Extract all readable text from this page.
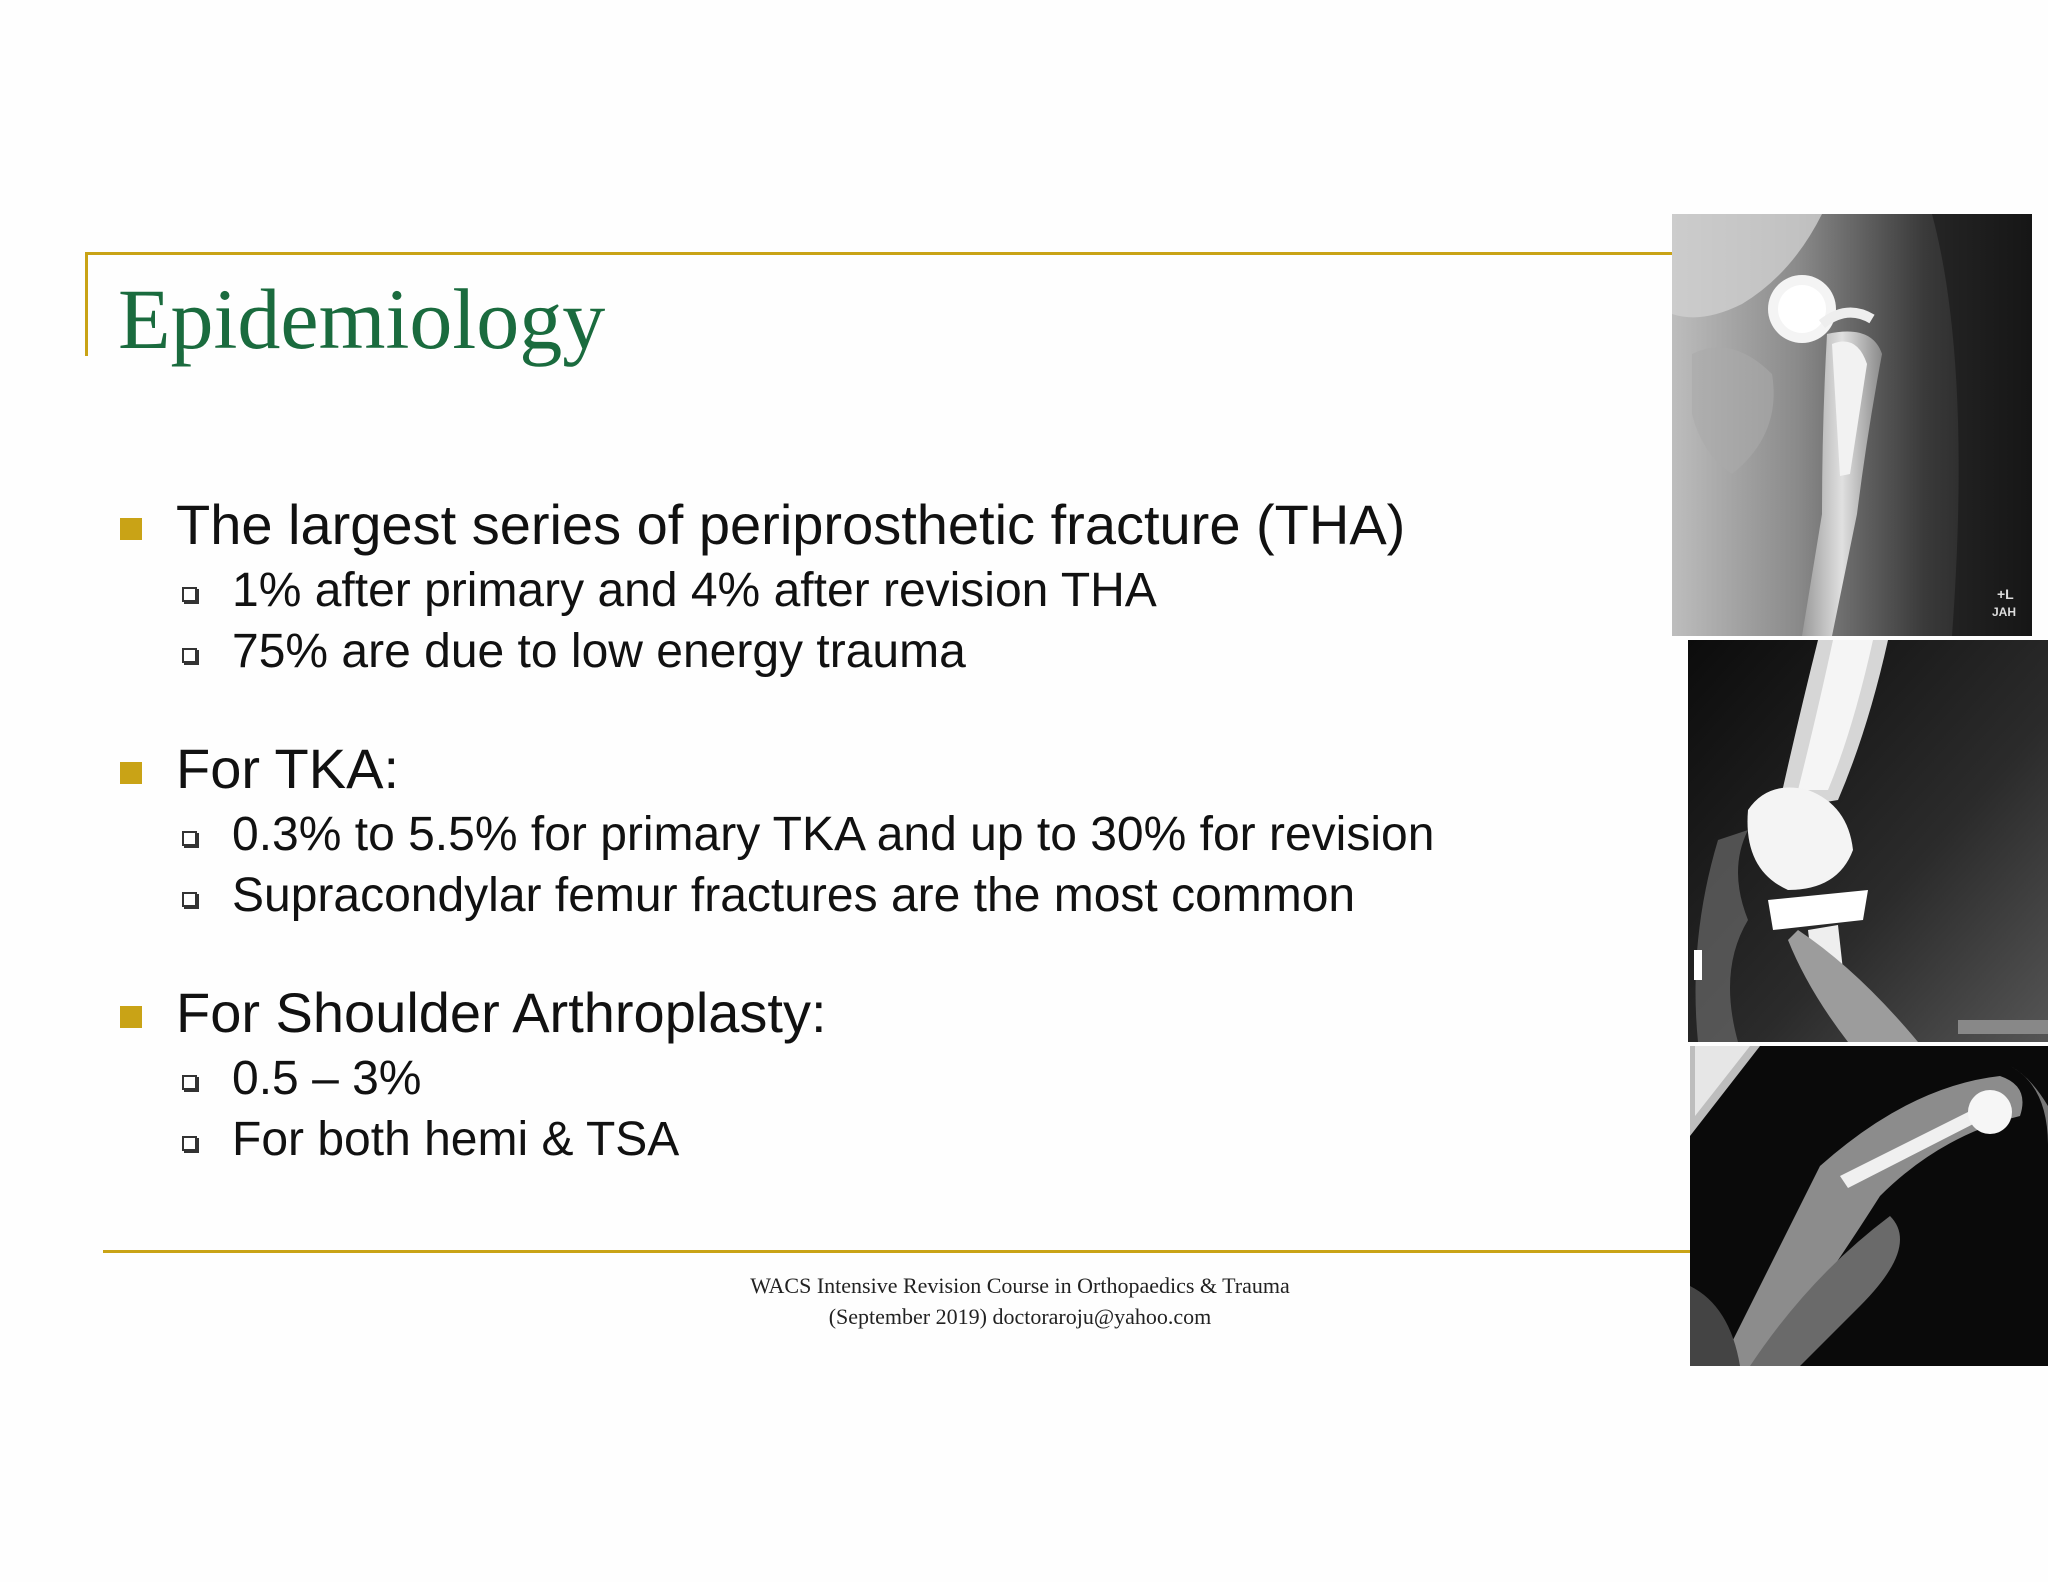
Epidemiology
The largest series of periprosthetic fracture (THA)
1% after primary and 4% after revision THA
75% are due to low energy trauma
For TKA:
0.3% to 5.5% for primary TKA and up to 30% for revision
Supracondylar femur fractures are the most common
For Shoulder Arthroplasty:
0.5 – 3%
For both hemi & TSA
WACS Intensive Revision Course in Orthopaedics & Trauma
(September 2019) doctoraroju@yahoo.com
+L
JAH
